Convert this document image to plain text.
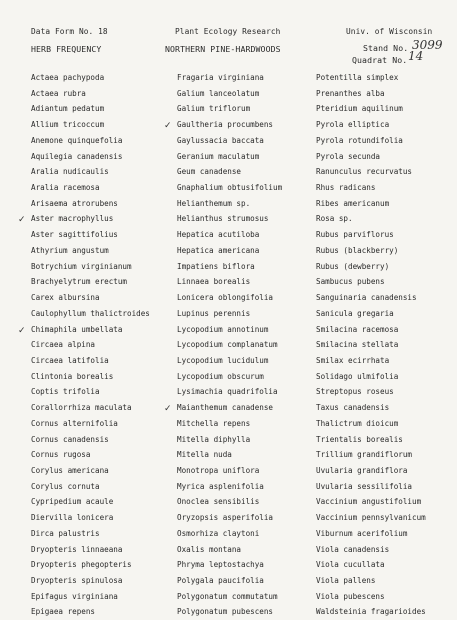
Data Form No. 18	Plant Ecology Research	Univ. of Wisconsin
HERB FREQUENCY	NORTHERN PINE-HARDWOODS	Stand No. 3099
Quadrat No. 14
Actaea pachypoda
Actaea rubra
Adiantum pedatum
Allium tricoccum
Anemone quinquefolia
Aquilegia canadensis
Aralia nudicaulis
Aralia racemosa
Arisaema atrorubens
Aster macrophyllus
✓
Aster sagittifolius
Athyrium angustum
Botrychium virginianum
Brachyelytrum erectum
Carex albursina
Caulophyllum thalictroides
Chimaphila umbellata
✓
Circaea alpina
Circaea latifolia
Clintonia borealis
Coptis trifolia
Corallorrhiza maculata
Cornus alternifolia
Cornus canadensis
Cornus rugosa
Corylus americana
Corylus cornuta
Cypripedium acaule
Diervilla lonicera
Dirca palustris
Dryopteris linnaeana
Dryopteris phegopteris
Dryopteris spinulosa
Epifagus virginiana
Epigaea repens
Fragaria virginiana
Galium lanceolatum
Galium triflorum
Gaultheria procumbens
✓
Gaylussacia baccata
Geranium maculatum
Geum canadense
Gnaphalium obtusifolium
Helianthemum sp.
Helianthus strumosus
Hepatica acutiloba
Hepatica americana
Impatiens biflora
Linnaea borealis
Lonicera oblongifolia
Lupinus perennis
Lycopodium annotinum
Lycopodium complanatum
Lycopodium lucidulum
Lycopodium obscurum
Lysimachia quadrifolia
Maianthemum canadense
✓
Mitchella repens
Mitella diphylla
Mitella nuda
Monotropa uniflora
Myrica asplenifolia
Onoclea sensibilis
Oryzopsis asperifolia
Osmorhiza claytoni
Oxalis montana
Phryma leptostachya
Polygala paucifolia
Polygonatum commutatum
Polygonatum pubescens
Potentilla simplex
Prenanthes alba
Pteridium aquilinum
Pyrola elliptica
Pyrola rotundifolia
Pyrola secunda
Ranunculus recurvatus
Rhus radicans
Ribes americanum
Rosa sp.
Rubus parviflorus
Rubus (blackberry)
Rubus (dewberry)
Sambucus pubens
Sanguinaria canadensis
Sanicula gregaria
Smilacina racemosa
Smilacina stellata
Smilax ecirrhata
Solidago ulmifolia
Streptopus roseus
Taxus canadensis
Thalictrum dioicum
Trientalis borealis
Trillium grandiflorum
Uvularia grandiflora
Uvularia sessilifolia
Vaccinium angustifolium
Vaccinium pennsylvanicum
Viburnum acerifolium
Viola canadensis
Viola cucullata
Viola pallens
Viola pubescens
Waldsteinia fragarioides
